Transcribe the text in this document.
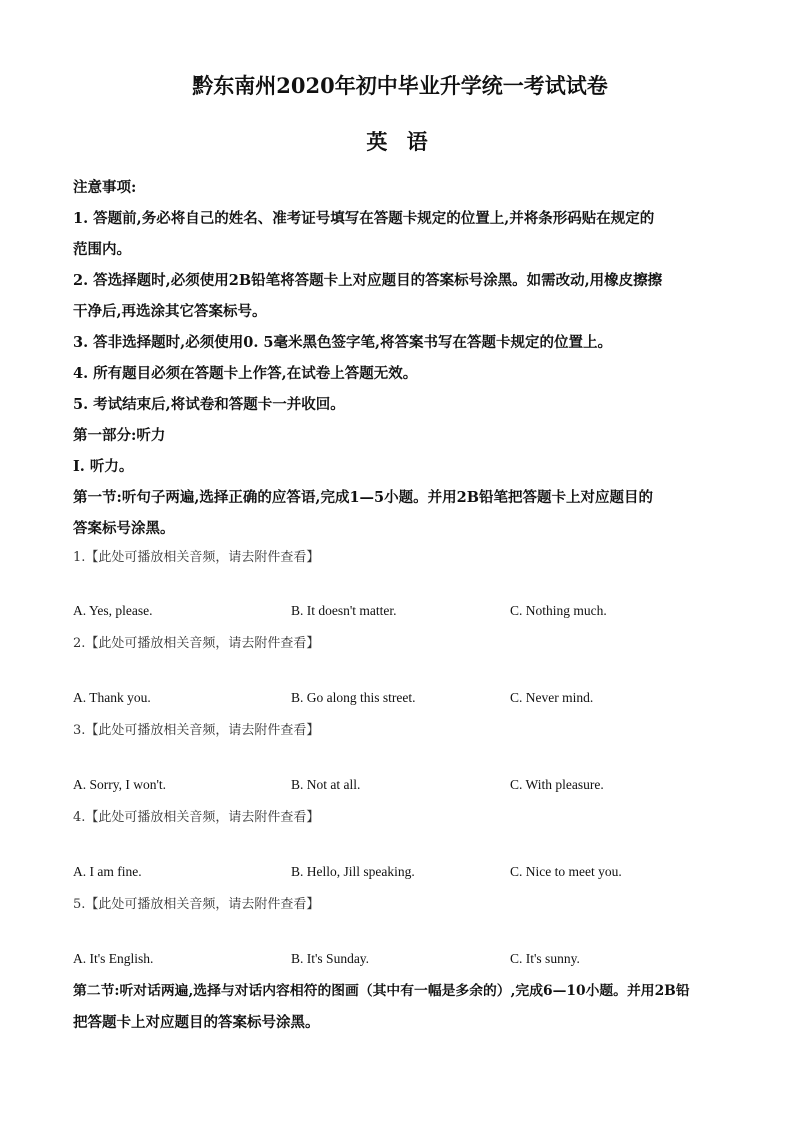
黔东南州2020年初中毕业升学统一考试试卷
英 语
注意事项:
1. 答题前,务必将自己的姓名、准考证号填写在答题卡规定的位置上,并将条形码贴在规定的
范围内。
2. 答选择题时,必须使用2B铅笔将答题卡上对应题目的答案标号涂黑。如需改动,用橡皮擦擦
干净后,再选涂其它答案标号。
3. 答非选择题时,必须使用0. 5毫米黑色签字笔,将答案书写在答题卡规定的位置上。
4. 所有题目必须在答题卡上作答,在试卷上答题无效。
5. 考试结束后,将试卷和答题卡一并收回。
第一部分:听力
I. 听力。
第一节:听句子两遍,选择正确的应答语,完成1—5小题。并用2B铅笔把答题卡上对应题目的
答案标号涂黑。
1.【此处可播放相关音频，请去附件查看】
A. Yes, please.	B. It doesn't matter.	C. Nothing much.
2.【此处可播放相关音频，请去附件查看】
A. Thank you.	B. Go along this street.	C. Never mind.
3.【此处可播放相关音频，请去附件查看】
A. Sorry, I won't.	B. Not at all.	C. With pleasure.
4.【此处可播放相关音频，请去附件查看】
A. I am fine.	B. Hello, Jill speaking.	C. Nice to meet you.
5.【此处可播放相关音频，请去附件查看】
A. It's English.	B. It's Sunday.	C. It's sunny.
第二节:听对话两遍,选择与对话内容相符的图画（其中有一幅是多余的）,完成6—10小题。并用2B铅
把答题卡上对应题目的答案标号涂黑。
